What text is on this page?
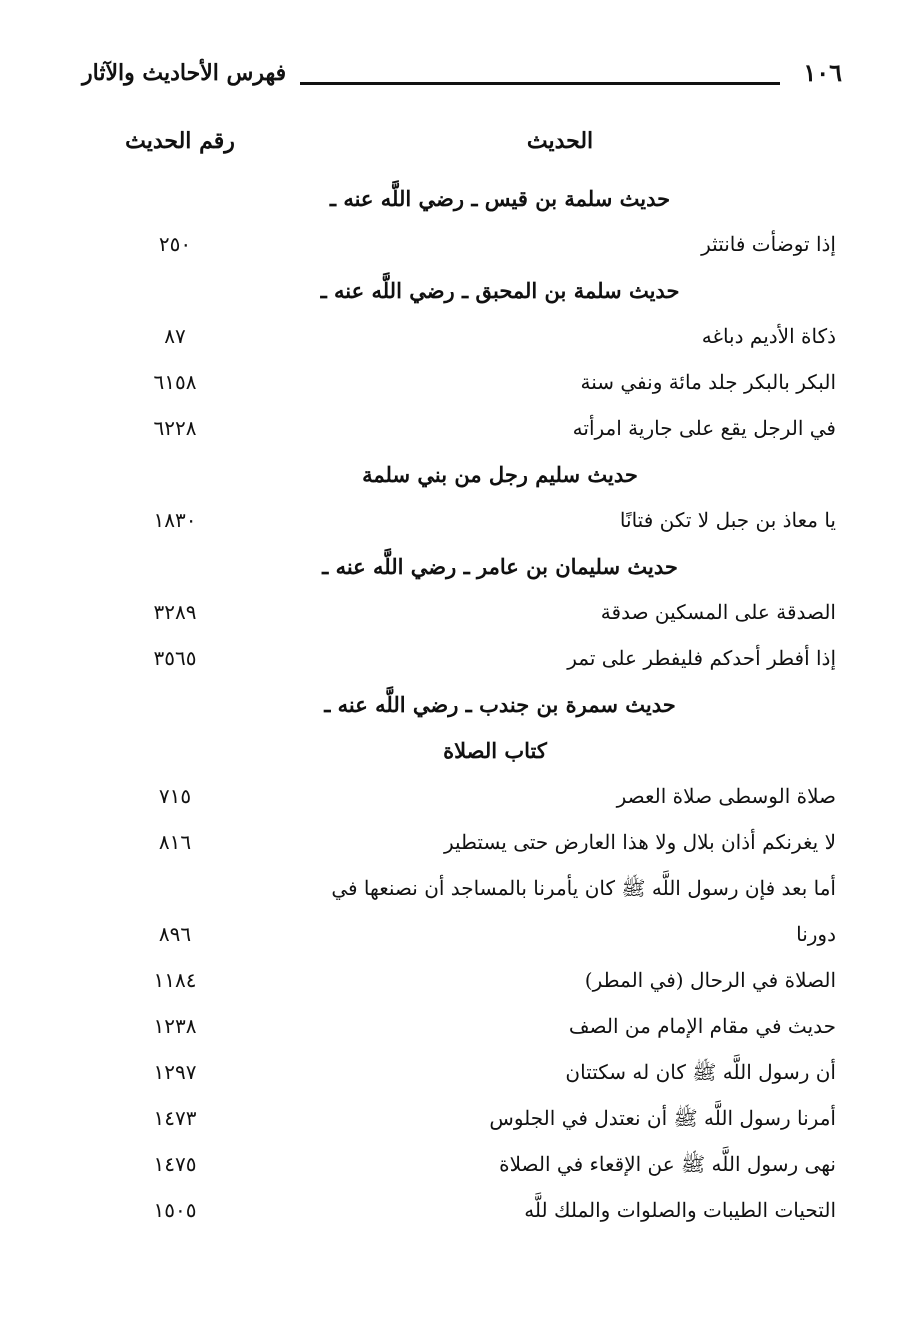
١٠٦
فهرس الأحاديث والآثار
الحديث
رقم الحديث
حديث سلمة بن قيس ـ رضي اللَّه عنه ـ
إذا توضأت فانتثر
٢٥٠
حديث سلمة بن المحبق ـ رضي اللَّه عنه ـ
ذكاة الأديم دباغه
٨٧
البكر بالبكر جلد مائة ونفي سنة
٦١٥٨
في الرجل يقع على جارية امرأته
٦٢٢٨
حديث سليم رجل من بني سلمة
يا معاذ بن جبل لا تكن فتانًا
١٨٣٠
حديث سليمان بن عامر ـ رضي اللَّه عنه ـ
الصدقة على المسكين صدقة
٣٢٨٩
إذا أفطر أحدكم فليفطر على تمر
٣٥٦٥
حديث سمرة بن جندب ـ رضي اللَّه عنه ـ
كتاب الصلاة
صلاة الوسطى صلاة العصر
٧١٥
لا يغرنكم أذان بلال ولا هذا العارض حتى يستطير
٨١٦
أما بعد فإن رسول اللَّه ﷺ كان يأمرنا بالمساجد أن نصنعها في
دورنا
٨٩٦
الصلاة في الرحال (في المطر)
١١٨٤
حديث في مقام الإمام من الصف
١٢٣٨
أن رسول اللَّه ﷺ كان له سكتتان
١٢٩٧
أمرنا رسول اللَّه ﷺ أن نعتدل في الجلوس
١٤٧٣
نهى رسول اللَّه ﷺ عن الإقعاء في الصلاة
١٤٧٥
التحيات الطيبات والصلوات والملك للَّه
١٥٠٥
